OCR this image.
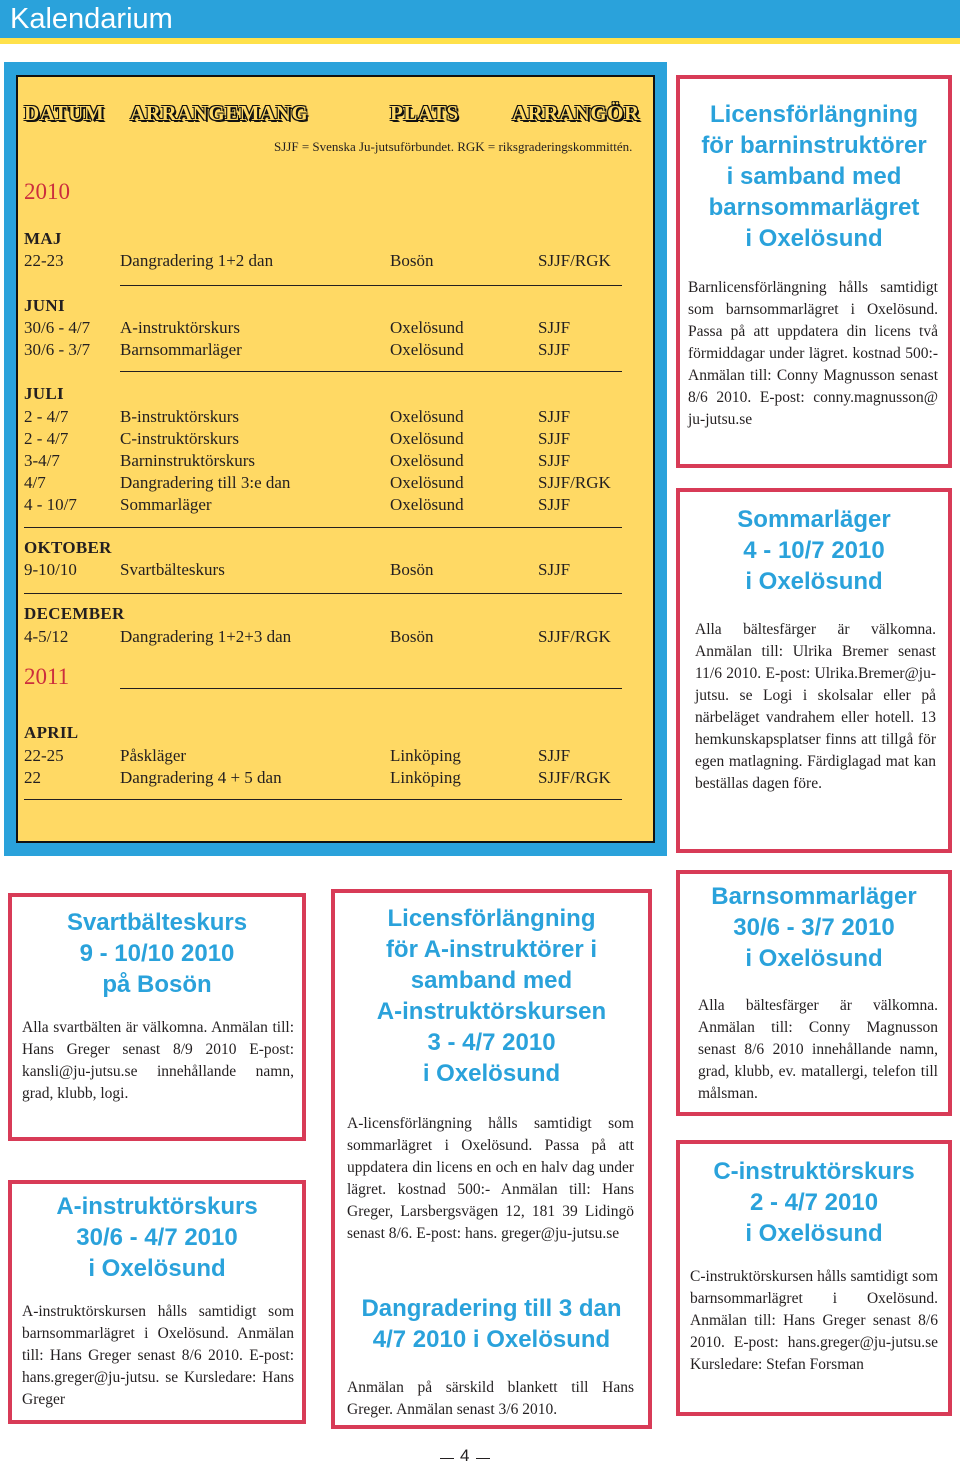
Kalendarium
DATUM ARRANGEMANG	PLATS	ARRANGÖR
SJJF = Svenska Ju-jutsuförbundet. RGK = riksgraderingskommittén.
2010
MAJ
22-23	Dangradering 1+2 dan	Bosön	SJJF/RGK
JUNI
30/6 - 4/7 A-instruktörskurs	Oxelösund	SJJF
30/6 - 3/7 Barnsommarläger	Oxelösund	SJJF
JULI
2 - 4/7	B-instruktörskurs	Oxelösund	SJJF
2 - 4/7	C-instruktörskurs	Oxelösund	SJJF
3-4/7	Barninstruktörskurs	Oxelösund	SJJF
4/7	Dangradering till 3:e dan	Oxelösund	SJJF/RGK
4 - 10/7	Sommarläger	Oxelösund	SJJF
OKTOBER
9-10/10	Svartbälteskurs	Bosön	SJJF
DECEMBER
4-5/12	Dangradering 1+2+3 dan	Bosön	SJJF/RGK
2011
APRIL
22-25	Påskläger	Linköping	SJJF
22	Dangradering 4 + 5 dan	Linköping	SJJF/RGK
Licensförlängning
för barninstruktörer
i samband med
barnsommarlägret
i Oxelösund
Barnlicensförlängning hålls samtidigt som barnsommarlägret i Oxelösund. Passa på att uppdatera din licens två förmiddagar under lägret. kostnad 500:- Anmälan till: Conny Magnusson senast 8/6 2010. E-post: conny.magnusson@ ju-jutsu.se
Sommarläger
4 - 10/7 2010
i Oxelösund
Alla bältesfärger är välkomna. Anmälan till: Ulrika Bremer senast 11/6 2010. E-post: Ulrika.Bremer@ju-jutsu. se Logi i skolsalar eller på närbeläget vandrahem eller hotell. 13 hemkunskapsplatser finns att tillgå för egen matlagning. Färdiglagad mat kan beställas dagen före.
Svartbälteskurs
9 - 10/10 2010
på Bosön
Alla svartbälten är välkomna. Anmälan till: Hans Greger senast 8/9 2010 E-post: kansli@ju-jutsu.se innehållande namn, grad, klubb, logi.
A-instruktörskurs
30/6 - 4/7 2010
i Oxelösund
A-instruktörskursen hålls samtidigt som barnsommarlägret i Oxelösund. Anmälan till: Hans Greger senast 8/6 2010. E-post: hans.greger@ju-jutsu. se Kursledare: Hans Greger
Licensförlängning
för A-instruktörer i
samband med
A-instruktörskursen
3 - 4/7 2010
i Oxelösund
A-licensförlängning hålls samtidigt som sommarlägret i Oxelösund. Passa på att uppdatera din licens en och en halv dag under lägret. kostnad 500:- Anmälan till: Hans Greger, Larsbergsvägen 12, 181 39 Lidingö senast 8/6. E-post: hans. greger@ju-jutsu.se
Dangradering till 3 dan
4/7 2010 i Oxelösund
Anmälan på särskild blankett till Hans Greger. Anmälan senast 3/6 2010.
Barnsommarläger
30/6 - 3/7 2010
i Oxelösund
Alla bältesfärger är välkomna. Anmälan till: Conny Magnusson senast 8/6 2010 innehållande namn, grad, klubb, ev. matallergi, telefon till målsman.
C-instruktörskurs
2 - 4/7 2010
i Oxelösund
C-instruktörskursen hålls samtidigt som barnsommarlägret i Oxelösund. Anmälan till: Hans Greger senast 8/6 2010. E-post: hans.greger@ju-jutsu.se Kursledare: Stefan Forsman
4
